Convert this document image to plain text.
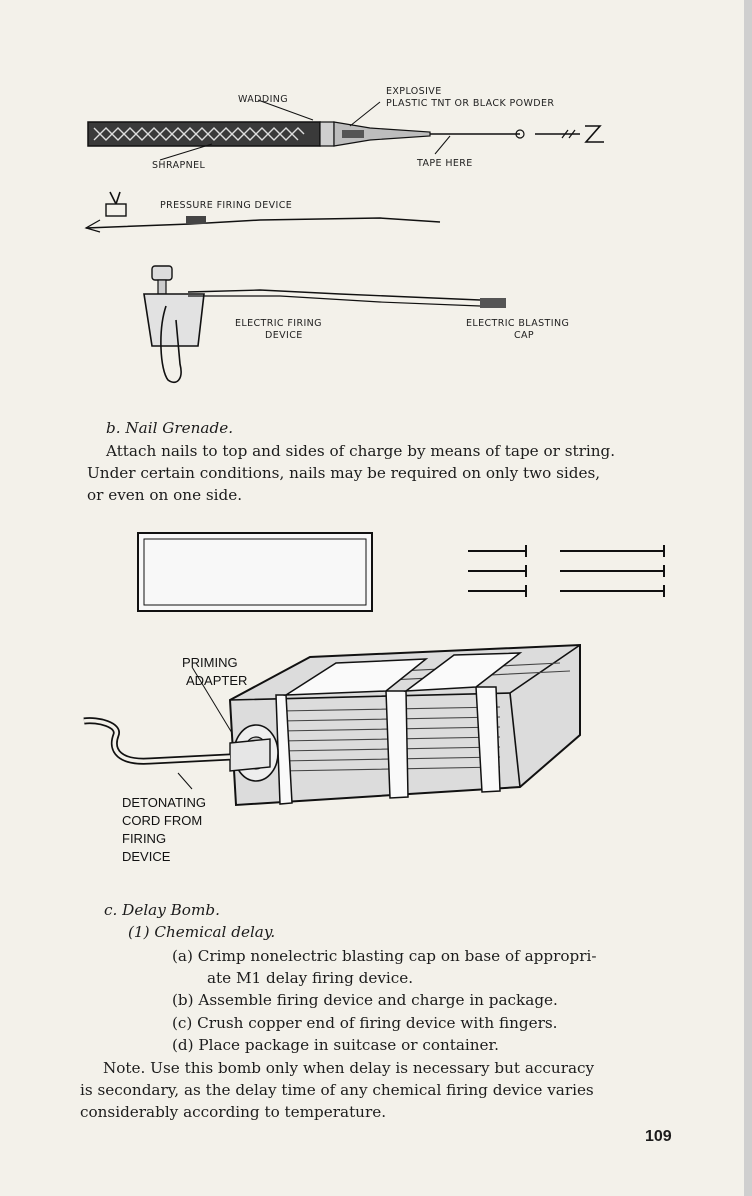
WADDING
EXPLOSIVE
PLASTIC TNT OR BLACK POWDER
SHRAPNEL	TAPE HERE
PRESSURE FIRING DEVICE
ELECTRIC FIRING
DEVICE
ELECTRIC BLASTING
CAP
b. Nail Grenade.
Attach nails to top and sides of charge by means of tape or string.
Under certain conditions, nails may be required on only two sides,
or even on one side.
PRIMING
ADAPTER
DETONATING
CORD FROM
FIRING
DEVICE
c. Delay Bomb.
(1) Chemical delay.
(a) Crimp nonelectric blasting cap on base of appropri-
ate M1 delay firing device.
(b) Assemble firing device and charge in package.
(c) Crush copper end of firing device with fingers.
(d) Place package in suitcase or container.
Note. Use this bomb only when delay is necessary but accuracy
is secondary, as the delay time of any chemical firing device varies
considerably according to temperature.
109
